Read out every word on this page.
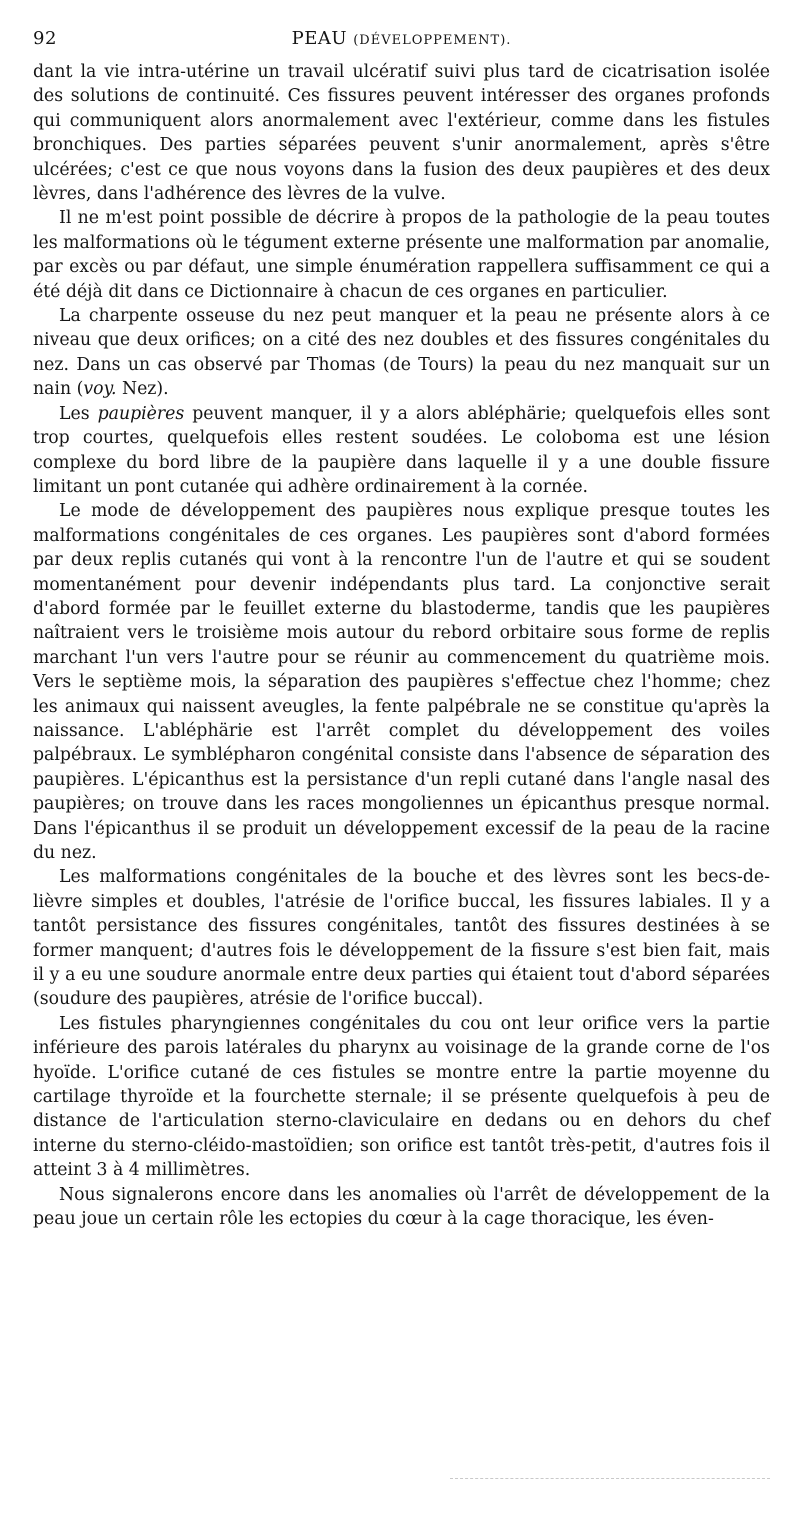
92	PEAU (DÉVELOPPEMENT).

dant la vie intra-utérine un travail ulcératif suivi plus tard de cicatrisation isolée des solutions de continuité. Ces fissures peuvent intéresser des organes profonds qui communiquent alors anormalement avec l'extérieur, comme dans les fistules bronchiques. Des parties séparées peuvent s'unir anormalement, après s'être ulcérées; c'est ce que nous voyons dans la fusion des deux paupières et des deux lèvres, dans l'adhérence des lèvres de la vulve.

Il ne m'est point possible de décrire à propos de la pathologie de la peau toutes les malformations où le tégument externe présente une malformation par anomalie, par excès ou par défaut, une simple énumération rappellera suffisamment ce qui a été déjà dit dans ce Dictionnaire à chacun de ces organes en particulier.

La charpente osseuse du nez peut manquer et la peau ne présente alors à ce niveau que deux orifices; on a cité des nez doubles et des fissures congénitales du nez. Dans un cas observé par Thomas (de Tours) la peau du nez manquait sur un nain (voy. Nez).

Les paupières peuvent manquer, il y a alors abléphärie; quelquefois elles sont trop courtes, quelquefois elles restent soudées. Le coloboma est une lésion complexe du bord libre de la paupière dans laquelle il y a une double fissure limitant un pont cutanée qui adhère ordinairement à la cornée.

Le mode de développement des paupières nous explique presque toutes les malformations congénitales de ces organes. Les paupières sont d'abord formées par deux replis cutanés qui vont à la rencontre l'un de l'autre et qui se soudent momentanément pour devenir indépendants plus tard. La conjonctive serait d'abord formée par le feuillet externe du blastoderme, tandis que les paupières naîtraient vers le troisième mois autour du rebord orbitaire sous forme de replis marchant l'un vers l'autre pour se réunir au commencement du quatrième mois. Vers le septième mois, la séparation des paupières s'effectue chez l'homme; chez les animaux qui naissent aveugles, la fente palpébrale ne se constitue qu'après la naissance. L'abléphärie est l'arrêt complet du développement des voiles palpébraux. Le symblépharon congénital consiste dans l'absence de séparation des paupières. L'épicanthus est la persistance d'un repli cutané dans l'angle nasal des paupières; on trouve dans les races mongoliennes un épicanthus presque normal. Dans l'épicanthus il se produit un développement excessif de la peau de la racine du nez.

Les malformations congénitales de la bouche et des lèvres sont les becs-de-lièvre simples et doubles, l'atrésie de l'orifice buccal, les fissures labiales. Il y a tantôt persistance des fissures congénitales, tantôt des fissures destinées à se former manquent; d'autres fois le développement de la fissure s'est bien fait, mais il y a eu une soudure anormale entre deux parties qui étaient tout d'abord séparées (soudure des paupières, atrésie de l'orifice buccal).

Les fistules pharyngiennes congénitales du cou ont leur orifice vers la partie inférieure des parois latérales du pharynx au voisinage de la grande corne de l'os hyoïde. L'orifice cutané de ces fistules se montre entre la partie moyenne du cartilage thyroïde et la fourchette sternale; il se présente quelquefois à peu de distance de l'articulation sterno-claviculaire en dedans ou en dehors du chef interne du sterno-cléido-mastoïdien; son orifice est tantôt très-petit, d'autres fois il atteint 3 à 4 millimètres.

Nous signalerons encore dans les anomalies où l'arrêt de développement de la peau joue un certain rôle les ectopies du cœur à la cage thoracique, les éven-
